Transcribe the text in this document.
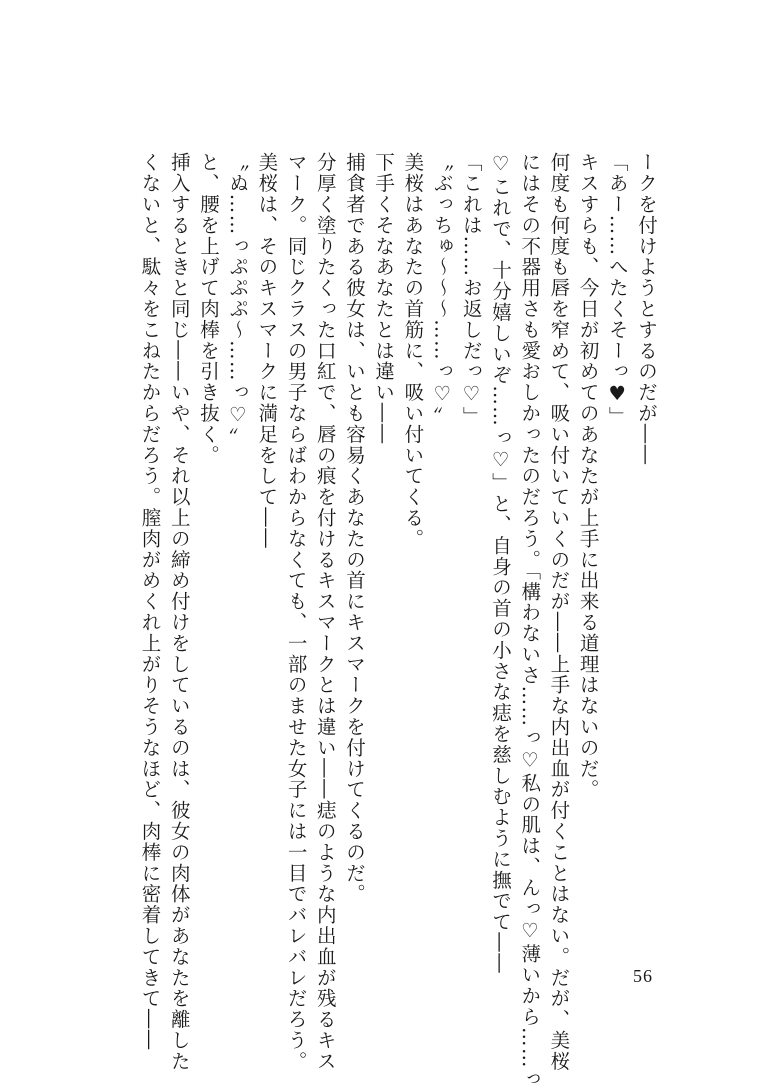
ークを付けようとするのだが――

「あー……へたくそーっ♥」

キスすらも、今日が初めてのあなたが上手に出来る道理はないのだ。

何度も何度も唇を窄めて、吸い付いていくのだが――上手な内出血が付くことはない。だが、美桜

にはその不器用さも愛おしかったのだろう。「構わないさ……っ♡私の肌は、んっ♡薄いから……っ

♡これで、十分嬉しいぞ……っ♡」と、自身の首の小さな痣を慈しむように撫でて――

「これは……お返しだっ♡」

〝ぶっちゅ～～～……っ♡〟

美桜はあなたの首筋に、吸い付いてくる。

下手くそなあなたとは違い――

捕食者である彼女は、いとも容易くあなたの首にキスマークを付けてくるのだ。

分厚く塗りたくった口紅で、唇の痕を付けるキスマークとは違い――痣のような内出血が残るキス

マーク。同じクラスの男子ならばわからなくても、一部のませた女子には一目でバレバレだろう。

美桜は、そのキスマークに満足をして――

〝ぬ……っぷぷぷ～……っ♡〟

と、腰を上げて肉棒を引き抜く。

挿入するときと同じ――いや、それ以上の締め付けをしているのは、彼女の肉体があなたを離した

くないと、駄々をこねたからだろう。膣肉がめくれ上がりそうなほど、肉棒に密着してきて――	56
